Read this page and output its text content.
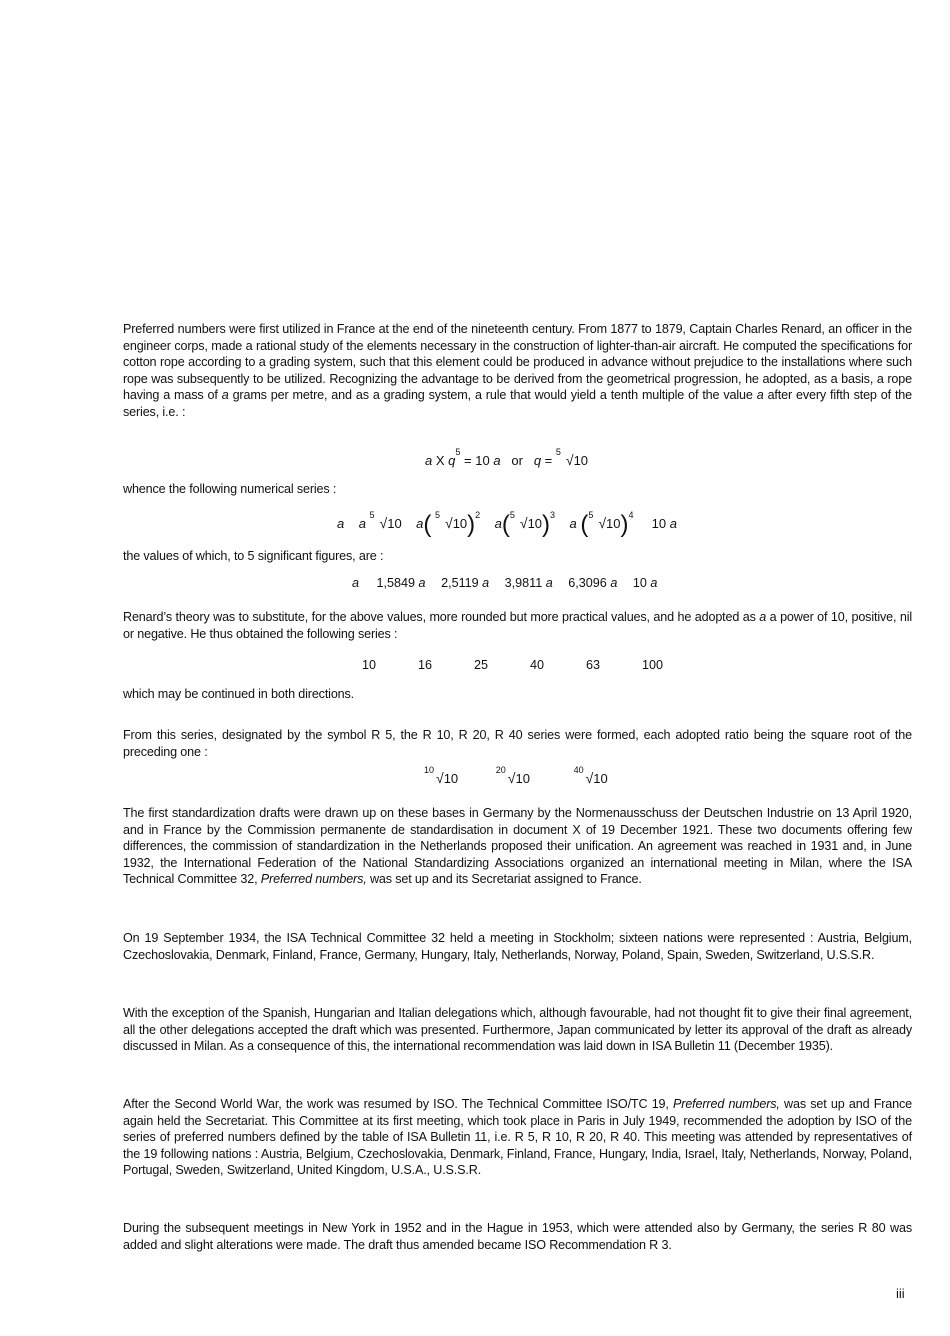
Preferred numbers were first utilized in France at the end of the nineteenth century. From 1877 to 1879, Captain Charles Renard, an officer in the engineer corps, made a rational study of the elements necessary in the construction of lighter-than-air aircraft. He computed the specifications for cotton rope according to a grading system, such that this element could be produced in advance without prejudice to the installations where such rope was subsequently to be utilized. Recognizing the advantage to be derived from the geometrical progression, he adopted, as a basis, a rope having a mass of a grams per metre, and as a grading system, a rule that would yield a tenth multiple of the value a after every fifth step of the series, i.e. :

a X $q^5 = 10$ a or q =
5 √10

whence the following numerical series :

a a
5 √10 a( 5 √10)2    a( 5 √10)3    a ( 5 √10)4     10 a

the values of which, to 5 significant figures, are :

a 1,5849 a 2,5119 a 3,9811 a 6,3096 a 10 a

Renard’s theory was to substitute, for the above values, more rounded but more practical values, and he adopted as a a power of 10, positive, nil or negative. He thus obtained the following series :

10	16	25	40	63	100

which may be continued in both directions.

From this series, designated by the symbol R 5, the R 10, R 20, R 40 series were formed, each adopted ratio being the square root of the preceding one :

10 √10
20 √10
40 √10

The first standardization drafts were drawn up on these bases in Germany by the Normenausschuss der Deutschen Industrie on 13 April 1920, and in France by the Commission permanente de standardisation in document X of 19 December 1921. These two documents offering few differences, the commission of standardization in the Netherlands proposed their unification. An agreement was reached in 1931 and, in June 1932, the International Federation of the National Standardizing Associations organized an international meeting in Milan, where the ISA Technical Committee 32, Preferred numbers, was set up and its Secretariat assigned to France.

On 19 September 1934, the ISA Technical Committee 32 held a meeting in Stockholm; sixteen nations were represented : Austria, Belgium, Czechoslovakia, Denmark, Finland, France, Germany, Hungary, Italy, Netherlands, Norway, Poland, Spain, Sweden, Switzerland, U.S.S.R.

With the exception of the Spanish, Hungarian and Italian delegations which, although favourable, had not thought fit to give their final agreement, all the other delegations accepted the draft which was presented. Furthermore, Japan communicated by letter its approval of the draft as already discussed in Milan. As a consequence of this, the international recommendation was laid down in ISA Bulletin 11 (December 1935).

After the Second World War, the work was resumed by ISO. The Technical Committee ISO/TC 19, Preferred numbers, was set up and France again held the Secretariat. This Committee at its first meeting, which took place in Paris in July 1949, recommended the adoption by ISO of the series of preferred numbers defined by the table of ISA Bulletin 11, i.e. R 5, R 10, R 20, R 40. This meeting was attended by representatives of the 19 following nations : Austria, Belgium, Czechoslovakia, Denmark, Finland, France, Hungary, India, Israel, Italy, Netherlands, Norway, Poland, Portugal, Sweden, Switzerland, United Kingdom, U.S.A., U.S.S.R.

During the subsequent meetings in New York in 1952 and in the Hague in 1953, which were attended also by Germany, the series R 80 was added and slight alterations were made. The draft thus amended became ISO Recommendation R 3.

iii
